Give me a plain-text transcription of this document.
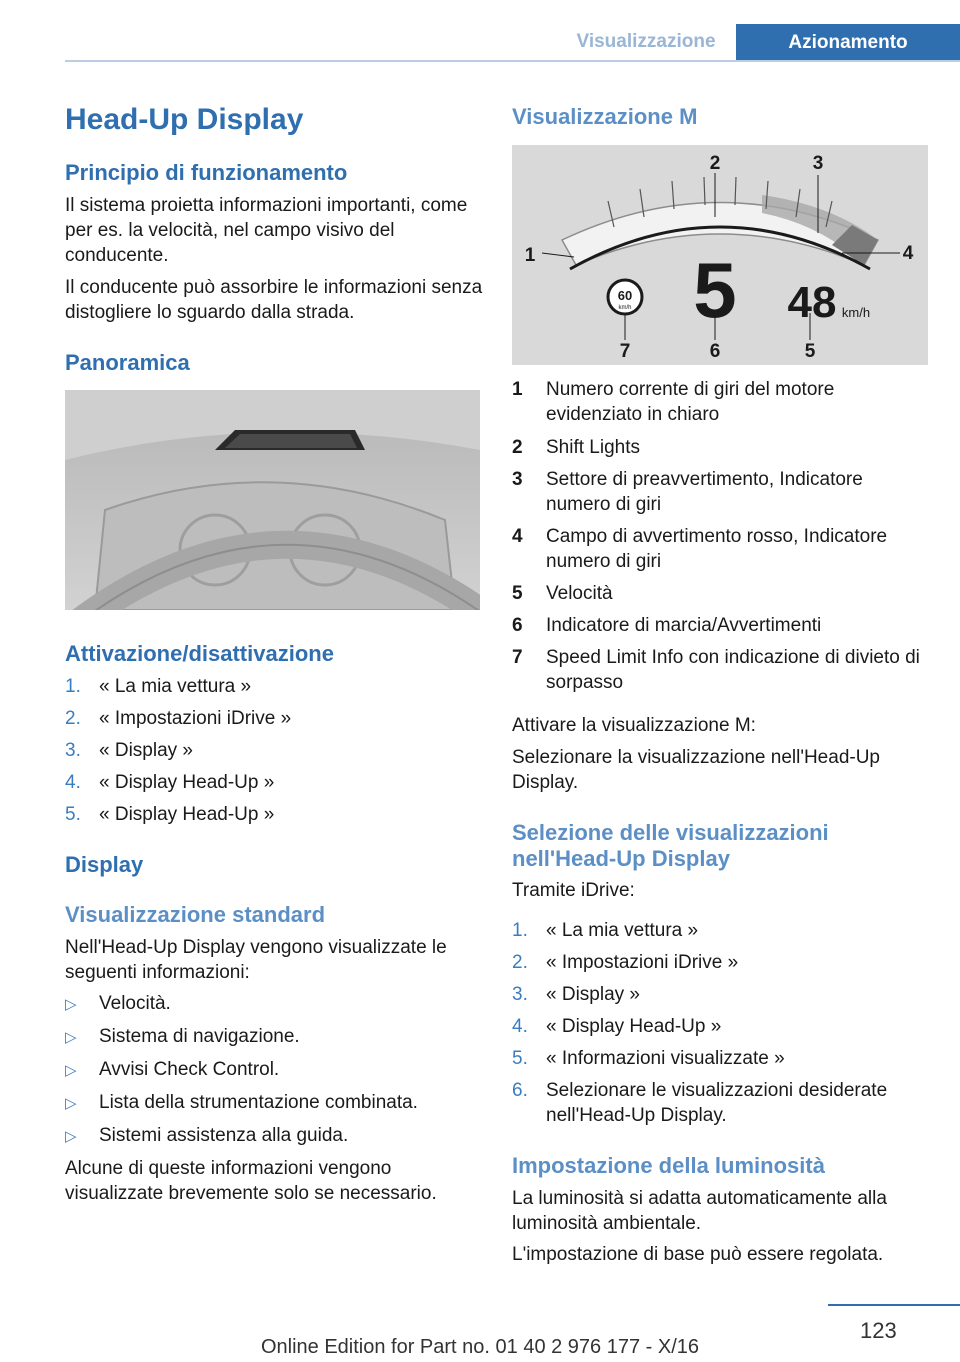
Visualizzazione	Azionamento
Head-Up Display
Principio di funzionamento
Il sistema proietta informazioni importanti, come per es. la velocità, nel campo visivo del conducente.
Il conducente può assorbire le informazioni senza distogliere lo sguardo dalla strada.
Panoramica
Attivazione/disattivazione
1. « La mia vettura »
2. « Impostazioni iDrive »
3. « Display »
4. « Display Head-Up »
5. « Display Head-Up »
Display
Visualizzazione standard
Nell'Head-Up Display vengono visualizzate le seguenti informazioni:
▷ Velocità.
▷ Sistema di navigazione.
▷ Avvisi Check Control.
▷ Lista della strumentazione combinata.
▷ Sistemi assistenza alla guida.
Alcune di queste informazioni vengono visualizzate brevemente solo se necessario.
Visualizzazione M
60
km/h 5 48 km/h
1
2	3
4
5
6
7
1 Numero corrente di giri del motore evidenziato in chiaro
2 Shift Lights
3 Settore di preavvertimento, Indicatore numero di giri
4 Campo di avvertimento rosso, Indicatore numero di giri
5 Velocità
6 Indicatore di marcia/Avvertimenti
7 Speed Limit Info con indicazione di divieto di sorpasso
Attivare la visualizzazione M:
Selezionare la visualizzazione nell'Head-Up Display.
Selezione delle visualizzazioni nell'Head-Up Display
Tramite iDrive:
1. « La mia vettura »
2. « Impostazioni iDrive »
3. « Display »
4. « Display Head-Up »
5. « Informazioni visualizzate »
6. Selezionare le visualizzazioni desiderate nell'Head-Up Display.
Impostazione della luminosità
La luminosità si adatta automaticamente alla luminosità ambientale.
L'impostazione di base può essere regolata.
123
Online Edition for Part no. 01 40 2 976 177 - X/16
